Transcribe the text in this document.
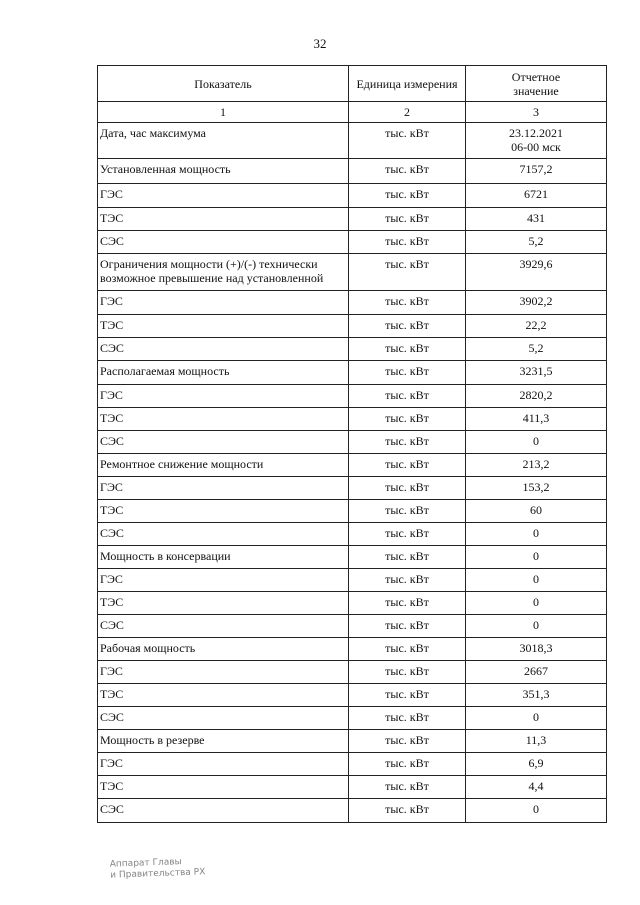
32
Показатель	Единица измерения	Отчетное значение
1	2	3
Дата, час максимума	тыс. кВт	23.12.2021
06-00 мск
Установленная мощность	тыс. кВт	7157,2
ГЭС	тыс. кВт	6721
ТЭС	тыс. кВт	431
СЭС	тыс. кВт	5,2
Ограничения мощности (+)/(-) технически возможное превышение над установленной	тыс. кВт	3929,6
ГЭС	тыс. кВт	3902,2
ТЭС	тыс. кВт	22,2
СЭС	тыс. кВт	5,2
Располагаемая мощность	тыс. кВт	3231,5
ГЭС	тыс. кВт	2820,2
ТЭС	тыс. кВт	411,3
СЭС	тыс. кВт	0
Ремонтное снижение мощности	тыс. кВт	213,2
ГЭС	тыс. кВт	153,2
ТЭС	тыс. кВт	60
СЭС	тыс. кВт	0
Мощность в консервации	тыс. кВт	0
ГЭС	тыс. кВт	0
ТЭС	тыс. кВт	0
СЭС	тыс. кВт	0
Рабочая мощность	тыс. кВт	3018,3
ГЭС	тыс. кВт	2667
ТЭС	тыс. кВт	351,3
СЭС	тыс. кВт	0
Мощность в резерве	тыс. кВт	11,3
ГЭС	тыс. кВт	6,9
ТЭС	тыс. кВт	4,4
СЭС	тыс. кВт	0
Аппарат Главы
и Правительства РХ
